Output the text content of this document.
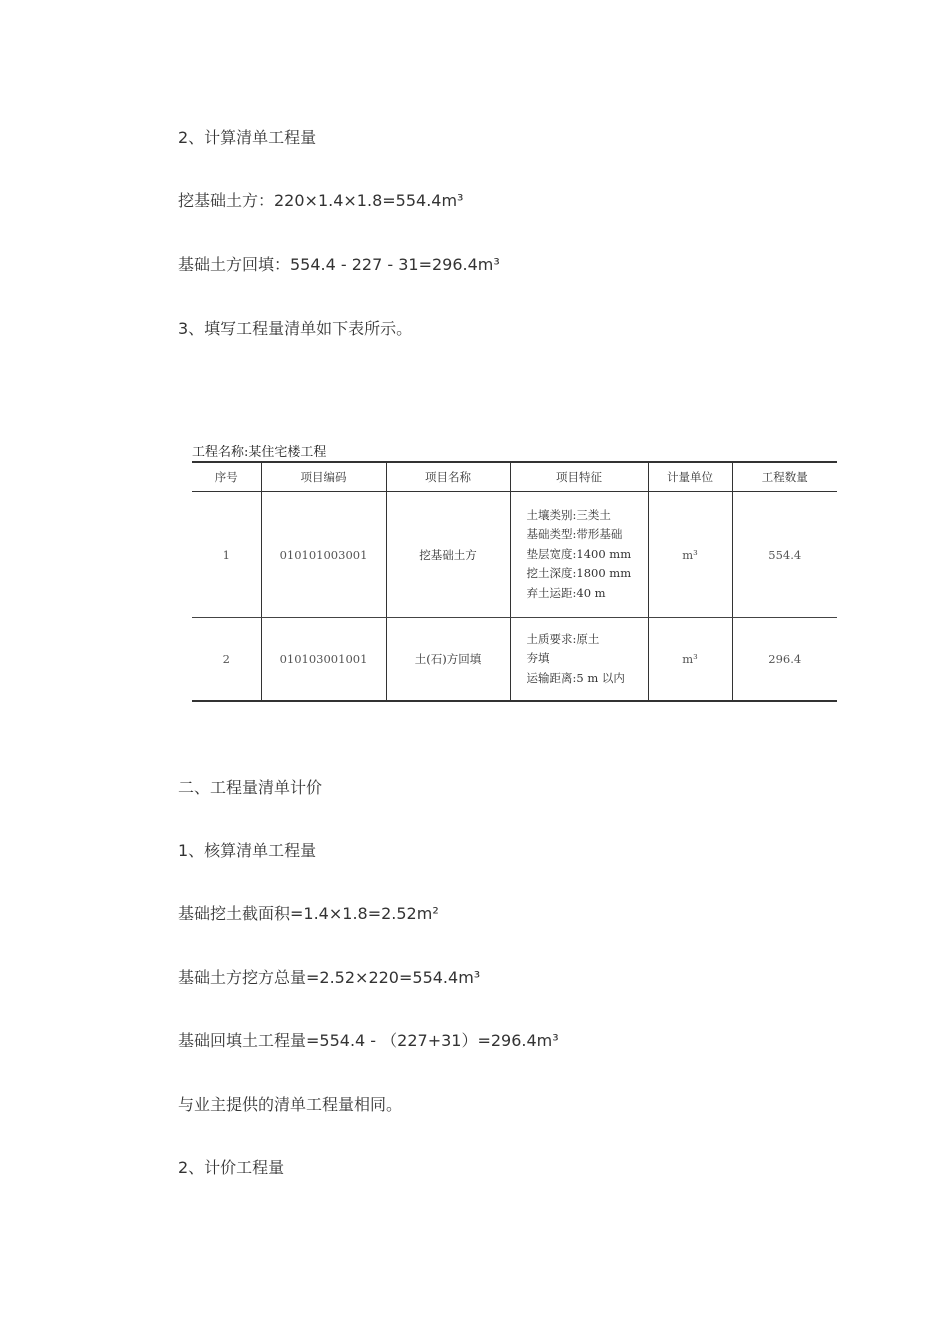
2、计算清单工程量
挖基础土方：220×1.4×1.8=554.4m³
基础土方回填：554.4 - 227 - 31=296.4m³
3、填写工程量清单如下表所示。
工程名称:某住宅楼工程
序号	项目编码	项目名称	项目特征	计量单位	工程数量
1	010101003001	挖基础土方	土壤类别:三类土
基础类型:带形基础
垫层宽度:1400 mm
挖土深度:1800 mm
弃土运距:40 m	m³	554.4
2	010103001001	土(石)方回填	土质要求:原土
夯填
运输距离:5 m 以内	m³	296.4
二、工程量清单计价
1、核算清单工程量
基础挖土截面积=1.4×1.8=2.52m²
基础土方挖方总量=2.52×220=554.4m³
基础回填土工程量=554.4 - （227+31）=296.4m³
与业主提供的清单工程量相同。
2、计价工程量
